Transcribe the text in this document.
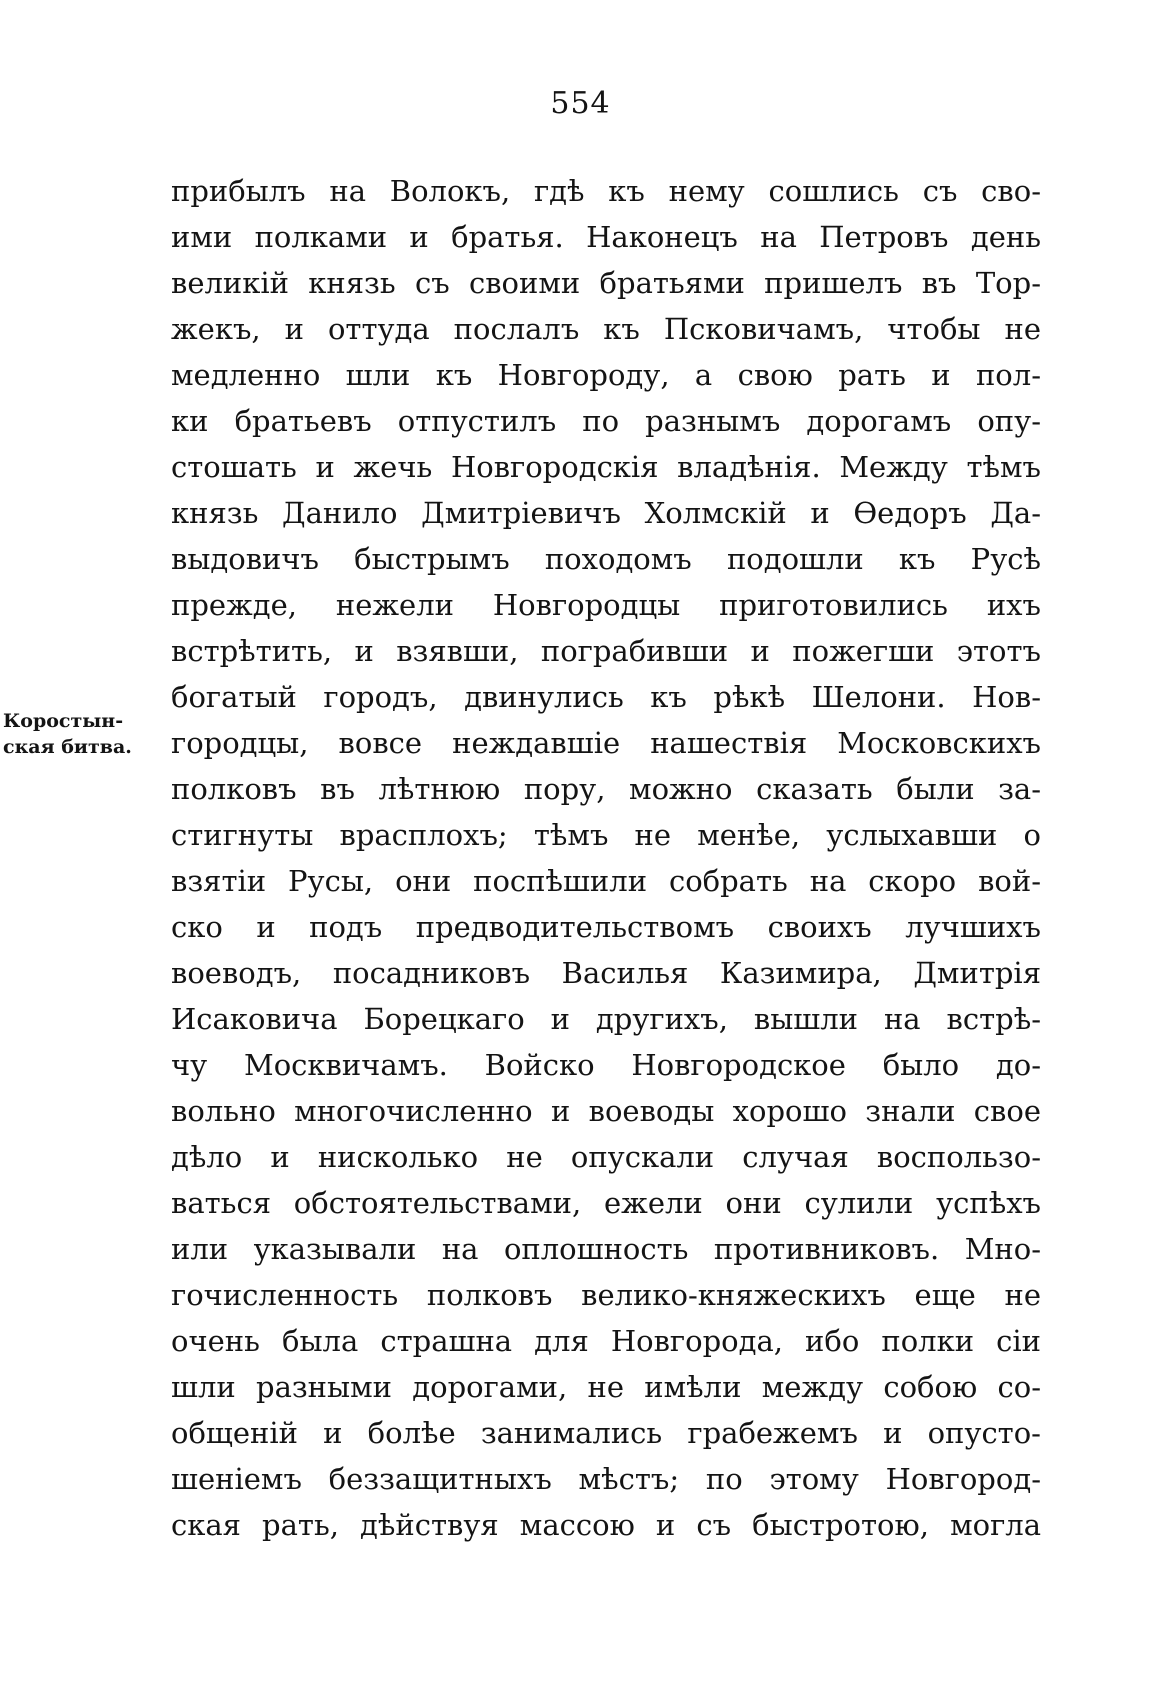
554
Коростын-
ская битва.
прибылъ на Волокъ, гдѣ къ нему сошлись съ сво-
ими полками и братья. Наконецъ на Петровъ день
великiй князь съ своими братьями пришелъ въ Тор-
жекъ, и оттуда послалъ къ Псковичамъ, чтобы не
медленно шли къ Новгороду, а свою рать и пол-
ки братьевъ отпустилъ по разнымъ дорогамъ опу-
стошать и жечь Новгородскiя владѣнiя. Между тѣмъ
князь Данило Дмитрiевичъ Холмскiй и Өедоръ Да-
выдовичъ быстрымъ походомъ подошли къ Русѣ
прежде, нежели Новгородцы приготовились ихъ
встрѣтить, и взявши, пограбивши и пожегши этотъ
богатый городъ, двинулись къ рѣкѣ Шелони. Нов-
городцы, вовсе неждавшiе нашествiя Московскихъ
полковъ въ лѣтнюю пору, можно сказать были за-
стигнуты врасплохъ; тѣмъ не менѣе, услыхавши о
взятiи Русы, они поспѣшили собрать на скоро вой-
ско и подъ предводительствомъ своихъ лучшихъ
воеводъ, посадниковъ Василья Казимира, Дмитрiя
Исаковича Борецкаго и другихъ, вышли на встрѣ-
чу Москвичамъ. Войско Новгородское было до-
вольно многочисленно и воеводы хорошо знали свое
дѣло и нисколько не опускали случая воспользо-
ваться обстоятельствами, ежели они сулили успѣхъ
или указывали на оплошность противниковъ. Мно-
гочисленность полковъ велико-княжескихъ еще не
очень была страшна для Новгорода, ибо полки сiи
шли разными дорогами, не имѣли между собою со-
общенiй и болѣе занимались грабежемъ и опусто-
шенiемъ беззащитныхъ мѣстъ; по этому Новгород-
ская рать, дѣйствуя массою и съ быстротою, могла
